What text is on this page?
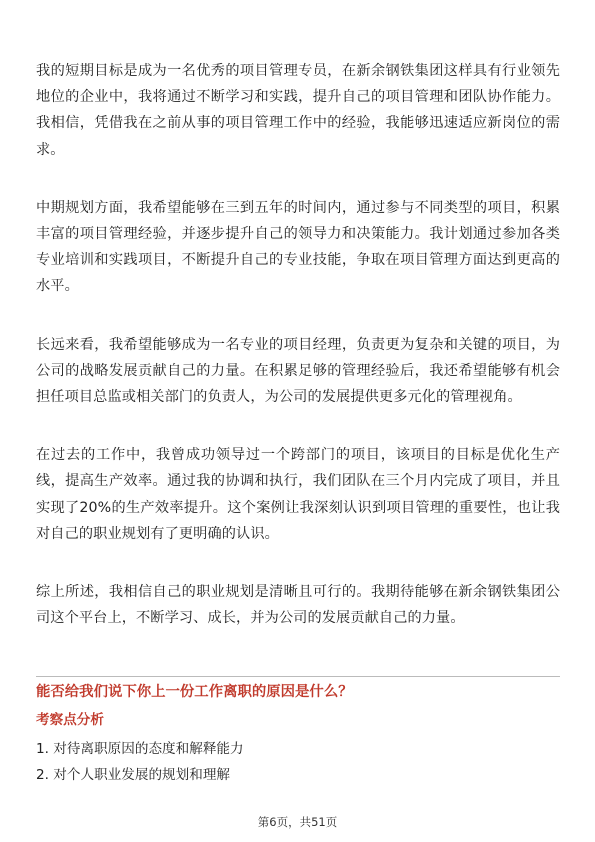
我的短期目标是成为一名优秀的项目管理专员，在新余钢铁集团这样具有行业领先地位的企业中，我将通过不断学习和实践，提升自己的项目管理和团队协作能力。我相信，凭借我在之前从事的项目管理工作中的经验，我能够迅速适应新岗位的需求。

中期规划方面，我希望能够在三到五年的时间内，通过参与不同类型的项目，积累丰富的项目管理经验，并逐步提升自己的领导力和决策能力。我计划通过参加各类专业培训和实践项目，不断提升自己的专业技能，争取在项目管理方面达到更高的水平。

长远来看，我希望能够成为一名专业的项目经理，负责更为复杂和关键的项目，为公司的战略发展贡献自己的力量。在积累足够的管理经验后，我还希望能够有机会担任项目总监或相关部门的负责人，为公司的发展提供更多元化的管理视角。

在过去的工作中，我曾成功领导过一个跨部门的项目，该项目的目标是优化生产线，提高生产效率。通过我的协调和执行，我们团队在三个月内完成了项目，并且实现了20%的生产效率提升。这个案例让我深刻认识到项目管理的重要性，也让我对自己的职业规划有了更明确的认识。

综上所述，我相信自己的职业规划是清晰且可行的。我期待能够在新余钢铁集团公司这个平台上，不断学习、成长，并为公司的发展贡献自己的力量。

能否给我们说下你上一份工作离职的原因是什么？
考察点分析
1. 对待离职原因的态度和解释能力
2. 对个人职业发展的规划和理解
第6页，共51页
